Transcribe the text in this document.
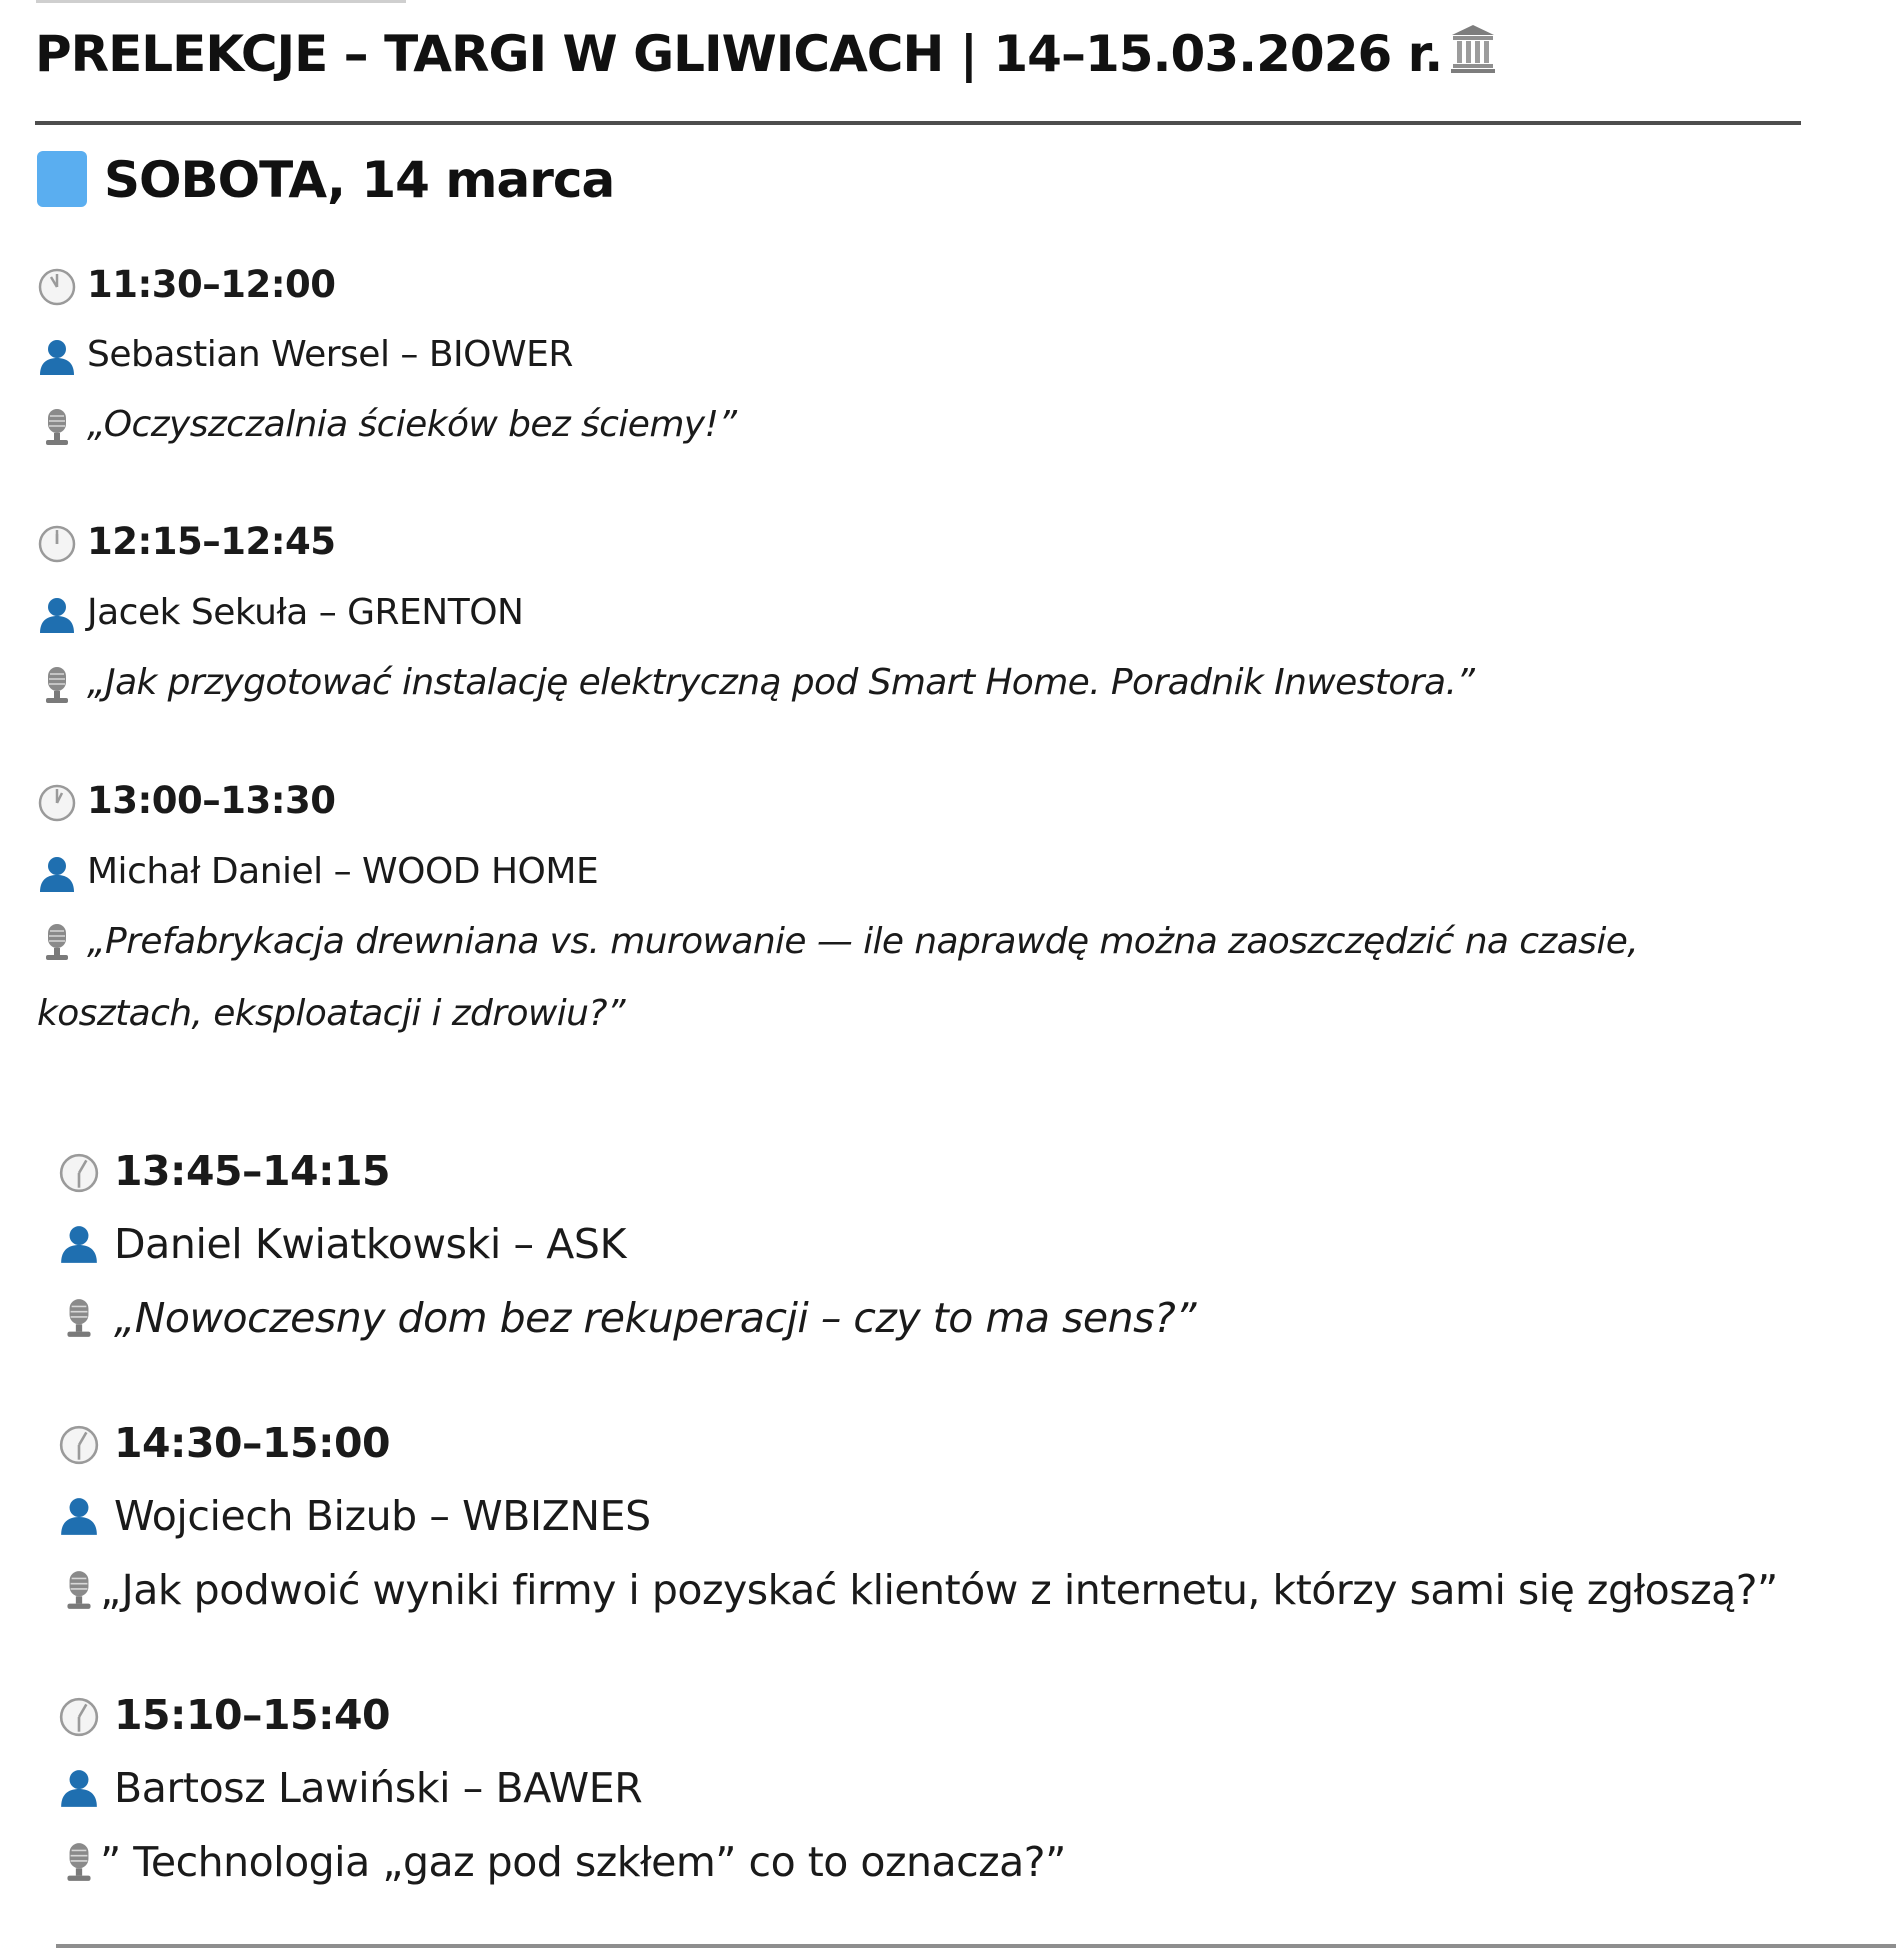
PRELEKCJE – TARGI W GLIWICACH | 14–15.03.2026 r.
SOBOTA, 14 marca
11:30–12:00
Sebastian Wersel – BIOWER
„Oczyszczalnia ścieków bez ściemy!”
12:15–12:45
Jacek Sekuła – GRENTON
„Jak przygotować instalację elektryczną pod Smart Home. Poradnik Inwestora.”
13:00–13:30
Michał Daniel – WOOD HOME
„Prefabrykacja drewniana vs. murowanie — ile naprawdę można zaoszczędzić na czasie, kosztach, eksploatacji i zdrowiu?”
13:45–14:15
Daniel Kwiatkowski – ASK
„Nowoczesny dom bez rekuperacji – czy to ma sens?”
14:30–15:00
Wojciech Bizub – WBIZNES
„Jak podwoić wyniki firmy i pozyskać klientów z internetu, którzy sami się zgłoszą?”
15:10–15:40
Bartosz Lawiński – BAWER
” Technologia „gaz pod szkłem” co to oznacza?”
